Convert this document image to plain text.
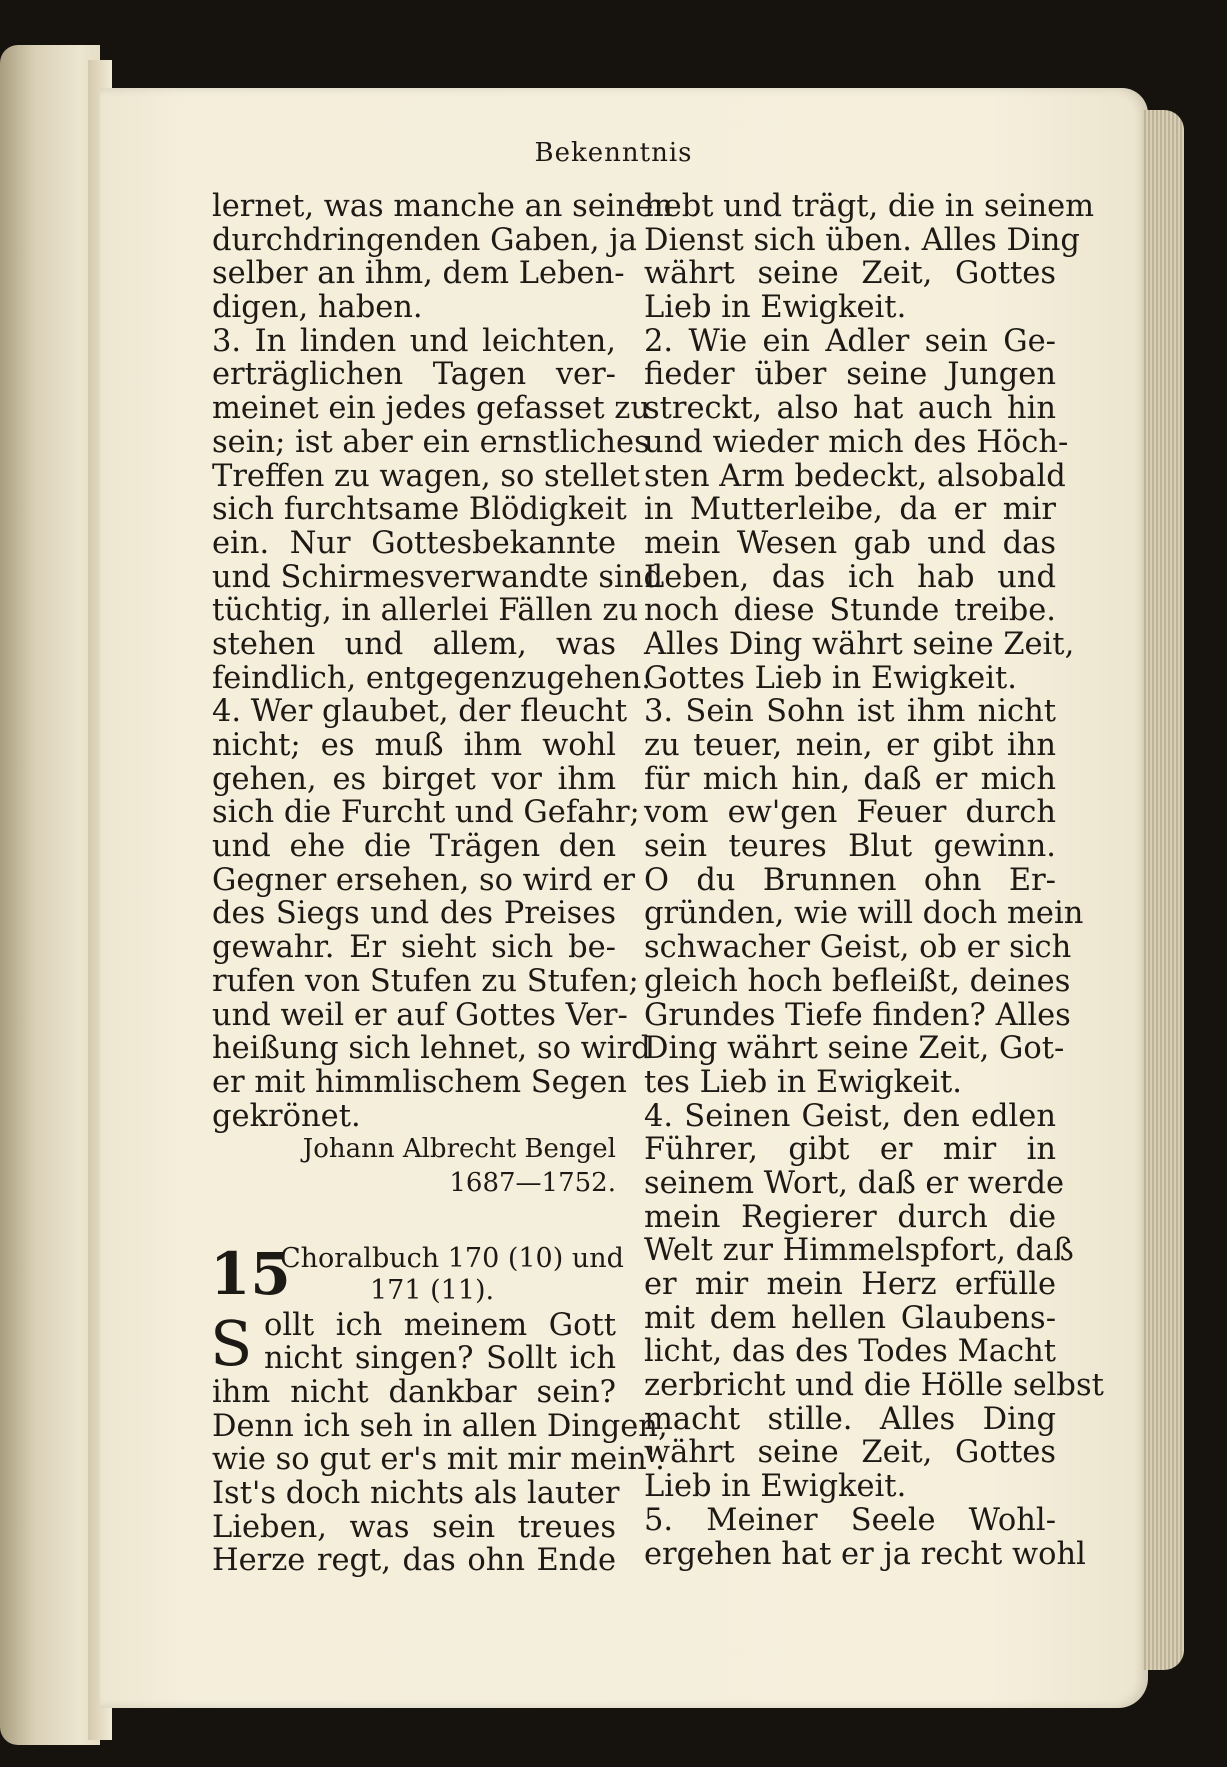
Bekenntnis
lernet, was manche an seinen
durchdringenden Gaben, ja
selber an ihm, dem Leben-
digen, haben.
3. In linden und leichten,
erträglichen Tagen ver-
meinet ein jedes gefasset zu
sein; ist aber ein ernstliches
Treffen zu wagen, so stellet
sich furchtsame Blödigkeit
ein. Nur Gottesbekannte
und Schirmesverwandte sind
tüchtig, in allerlei Fällen zu
stehen und allem, was
feindlich, entgegenzugehen.
4. Wer glaubet, der fleucht
nicht; es muß ihm wohl
gehen, es birget vor ihm
sich die Furcht und Gefahr;
und ehe die Trägen den
Gegner ersehen, so wird er
des Siegs und des Preises
gewahr. Er sieht sich be-
rufen von Stufen zu Stufen;
und weil er auf Gottes Ver-
heißung sich lehnet, so wird
er mit himmlischem Segen
gekrönet.
Johann Albrecht Bengel
1687—1752.
15
Choralbuch 170 (10) und
171 (11).
S ollt ich meinem Gott
nicht singen? Sollt ich
ihm nicht dankbar sein?
Denn ich seh in allen Dingen,
wie so gut er's mit mir mein'.
Ist's doch nichts als lauter
Lieben, was sein treues
Herze regt, das ohn Ende
hebt und trägt, die in seinem
Dienst sich üben. Alles Ding
währt seine Zeit, Gottes
Lieb in Ewigkeit.
2. Wie ein Adler sein Ge-
fieder über seine Jungen
streckt, also hat auch hin
und wieder mich des Höch-
sten Arm bedeckt, alsobald
in Mutterleibe, da er mir
mein Wesen gab und das
Leben, das ich hab und
noch diese Stunde treibe.
Alles Ding währt seine Zeit,
Gottes Lieb in Ewigkeit.
3. Sein Sohn ist ihm nicht
zu teuer, nein, er gibt ihn
für mich hin, daß er mich
vom ew'gen Feuer durch
sein teures Blut gewinn.
O du Brunnen ohn Er-
gründen, wie will doch mein
schwacher Geist, ob er sich
gleich hoch befleißt, deines
Grundes Tiefe finden? Alles
Ding währt seine Zeit, Got-
tes Lieb in Ewigkeit.
4. Seinen Geist, den edlen
Führer, gibt er mir in
seinem Wort, daß er werde
mein Regierer durch die
Welt zur Himmelspfort, daß
er mir mein Herz erfülle
mit dem hellen Glaubens-
licht, das des Todes Macht
zerbricht und die Hölle selbst
macht stille. Alles Ding
währt seine Zeit, Gottes
Lieb in Ewigkeit.
5. Meiner Seele Wohl-
ergehen hat er ja recht wohl
